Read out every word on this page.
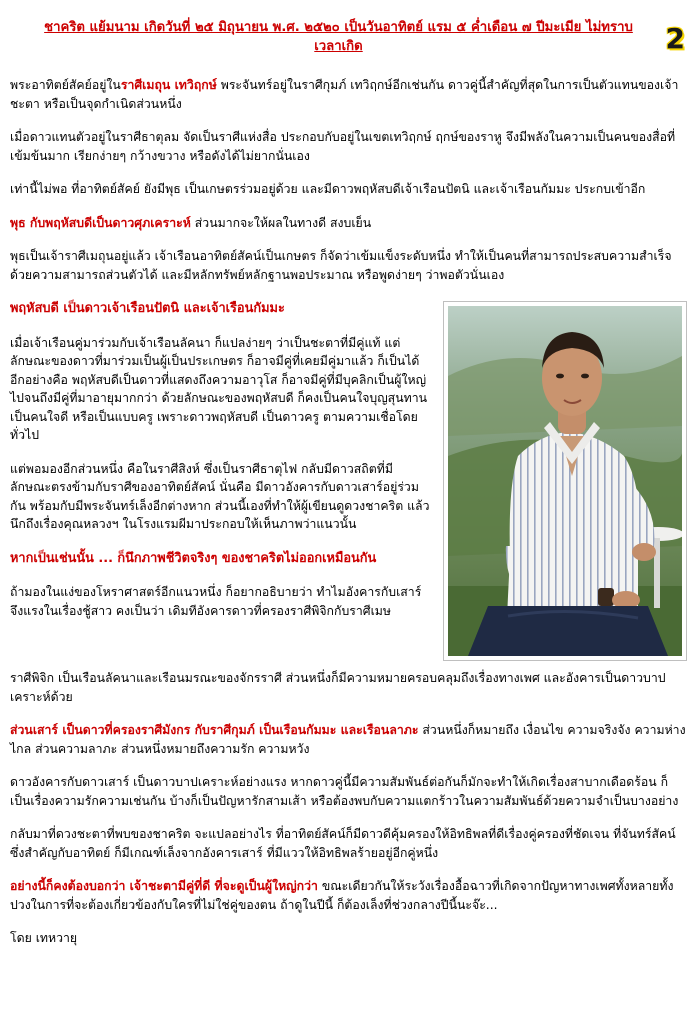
ชาคริต แย้มนาม เกิดวันที่ ๒๕ มิถุนายน พ.ศ. ๒๕๒๐ เป็นวันอาทิตย์ แรม ๕ ค่ำเดือน ๗ ปีมะเมีย ไม่ทราบเวลาเกิด	2

พระอาทิตย์สัคย์อยู่ในราศีเมถุน เทวิฤกษ์ พระจันทร์อยู่ในราศีกุมภ์ เทวิฤกษ์อีกเช่นกัน ดาวคู่นี้สำคัญที่สุดในการเป็นตัวแทนของเจ้าชะตา หรือเป็นจุดกำเนิดส่วนหนึ่ง

เมื่อดาวแทนตัวอยู่ในราศีธาตุลม จัดเป็นราศีแห่งสื่อ ประกอบกับอยู่ในเขตเทวิฤกษ์ ฤกษ์ของราหู จึงมีพลังในความเป็นคนของสื่อที่เข้มข้นมาก เรียกง่ายๆ กว้างขวาง หรือดังได้ไม่ยากนั่นเอง

เท่านี้ไม่พอ ที่อาทิตย์สัคย์ ยังมีพุธ เป็นเกษตรร่วมอยู่ด้วย และมีดาวพฤหัสบดีเจ้าเรือนปัตนิ และเจ้าเรือนกัมมะ ประกบเข้าอีก

พุธ กับพฤหัสบดีเป็นดาวศุภเคราะห์ ส่วนมากจะให้ผลในทางดี สงบเย็น

พุธเป็นเจ้าราศีเมถุนอยู่แล้ว เจ้าเรือนอาทิตย์สัคน์เป็นเกษตร ก็จัดว่าเข้มแข็งระดับหนึ่ง ทำให้เป็นคนที่สามารถประสบความสำเร็จด้วยความสามารถส่วนตัวได้ และมีหลักทรัพย์หลักฐานพอประมาณ หรือพูดง่ายๆ ว่าพอตัวนั่นเอง

พฤหัสบดี เป็นดาวเจ้าเรือนปัตนิ และเจ้าเรือนกัมมะ

เมื่อเจ้าเรือนคู่มาร่วมกับเจ้าเรือนลัคนา ก็แปลง่ายๆ ว่าเป็นชะตาที่มีคู่แท้ แต่ลักษณะของดาวที่มาร่วมเป็นผู้เป็นประเกษตร ก็อาจมีคู่ที่เคยมีคู่มาแล้ว ก็เป็นได้ อีกอย่างคือ พฤหัสบดีเป็นดาวที่แสดงถึงความอาวุโส ก็อาจมีคู่ที่มีบุคลิกเป็นผู้ใหญ่ ไปจนถึงมีคู่ที่มาอายุมากกว่า ด้วยลักษณะของพฤหัสบดี ก็คงเป็นคนใจบุญสุนทาน เป็นคนใจดี หรือเป็นแบบครู เพราะดาวพฤหัสบดี เป็นดาวครู ตามความเชื่อโดยทั่วไป

แต่พอมองอีกส่วนหนึ่ง คือในราศีสิงห์ ซึ่งเป็นราศีธาตุไฟ กลับมีดาวสถิตที่มีลักษณะตรงข้ามกับราศีของอาทิตย์สัคน์ นั่นคือ มีดาวอังคารกับดาวเสาร์อยู่ร่วมกัน พร้อมกับมีพระจันทร์เล็งอีกต่างหาก ส่วนนี้เองที่ทำให้ผู้เขียนดูดวงชาคริต แล้วนึกถึงเรื่องคุณหลวงฯ ในโรงแรมผีมาประกอบให้เห็นภาพว่าแนวนั้น

หากเป็นเช่นนั้น ... ก็นึกภาพชีวิตจริงๆ ของชาคริตไม่ออกเหมือนกัน

ถ้ามองในแง่ของโหราศาสตร์อีกแนวหนึ่ง ก็อยากอธิบายว่า ทำไมอังคารกับเสาร์จึงแรงในเรื่องชู้สาว คงเป็นว่า เดิมทีอังคารดาวที่ครองราศีพิจิกกับราศีเมษ

ราศีพิจิก เป็นเรือนลัคนาและเรือนมรณะของจักรราศี ส่วนหนึ่งก็มีความหมายครอบคลุมถึงเรื่องทางเพศ และอังคารเป็นดาวบาปเคราะห์ด้วย

ส่วนเสาร์ เป็นดาวที่ครองราศีมังกร กับราศีกุมภ์ เป็นเรือนกัมมะ และเรือนลาภะ ส่วนหนึ่งก็หมายถึง เงื่อนไข ความจริงจัง ความห่างไกล ส่วนความลาภะ ส่วนหนึ่งหมายถึงความรัก ความหวัง

ดาวอังคารกับดาวเสาร์ เป็นดาวบาปเคราะห์อย่างแรง หากดาวคู่นี้มีความสัมพันธ์ต่อกันก็มักจะทำให้เกิดเรื่องสาบากเดือดร้อน ก็เป็นเรื่องความรักความเช่นกัน บ้างก็เป็นปัญหารักสามเส้า หรือต้องพบกับความแตกร้าวในความสัมพันธ์ด้วยความจำเป็นบางอย่าง

กลับมาที่ดวงชะตาที่พบของชาคริต จะแปลอย่างไร ที่อาทิตย์สัคน์ก็มีดาวดีคุ้มครองให้อิทธิพลที่ดีเรื่องคู่ครองที่ชัดเจน ที่จันทร์สัคน์ซึ่งสำคัญกับอาทิตย์ ก็มีเกณฑ์เล็งจากอังคารเสาร์ ที่มีแววให้อิทธิพลร้ายอยู่อีกคู่หนึ่ง

อย่างนี้ก็คงต้องบอกว่า เจ้าชะตามีคู่ที่ดี ที่จะดูเป็นผู้ใหญ่กว่า ขณะเดียวกันให้ระวังเรื่องอื้อฉาวที่เกิดจากปัญหาทางเพศทั้งหลายทั้งปวงในการที่จะต้องเกี่ยวข้องกับใครที่ไม่ใช่คู่ของตน ถ้าดูในปีนี้ ก็ต้องเล็งที่ช่วงกลางปีนี้นะจ๊ะ...

โดย เทหวายุ
